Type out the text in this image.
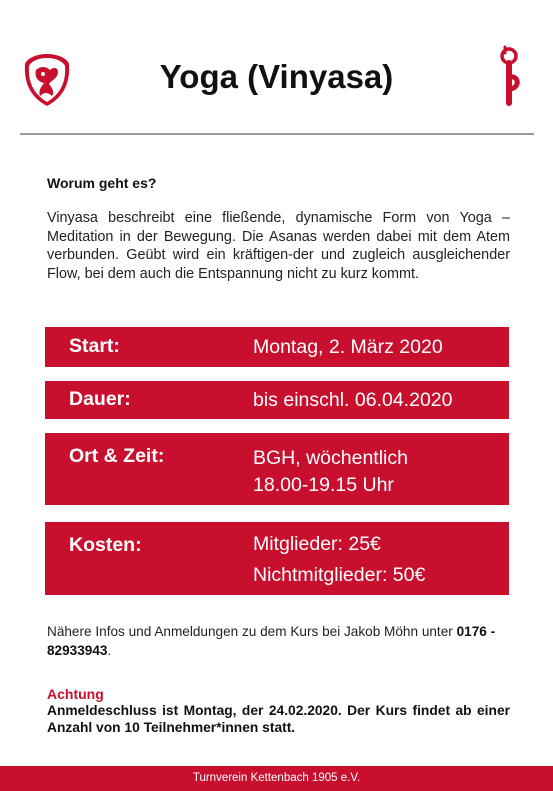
Yoga (Vinyasa)
Worum geht es?
Vinyasa beschreibt eine fließende, dynamische Form von Yoga – Meditation in der Bewegung. Die Asanas werden dabei mit dem Atem verbunden. Geübt wird ein kräftigen-der und zugleich ausgleichender Flow, bei dem auch die Entspannung nicht zu kurz kommt.
Start:	Montag, 2. März 2020
Dauer:	bis einschl. 06.04.2020
Ort & Zeit:	BGH, wöchentlich
18.00-19.15 Uhr
Kosten:	Mitglieder: 25€
Nichtmitglieder: 50€
Nähere Infos und Anmeldungen zu dem Kurs bei Jakob Möhn unter 0176 - 82933943.
Achtung
Anmeldeschluss ist Montag, der 24.02.2020. Der Kurs findet ab einer Anzahl von 10 Teilnehmer*innen statt.
Turnverein Kettenbach 1905 e.V.
